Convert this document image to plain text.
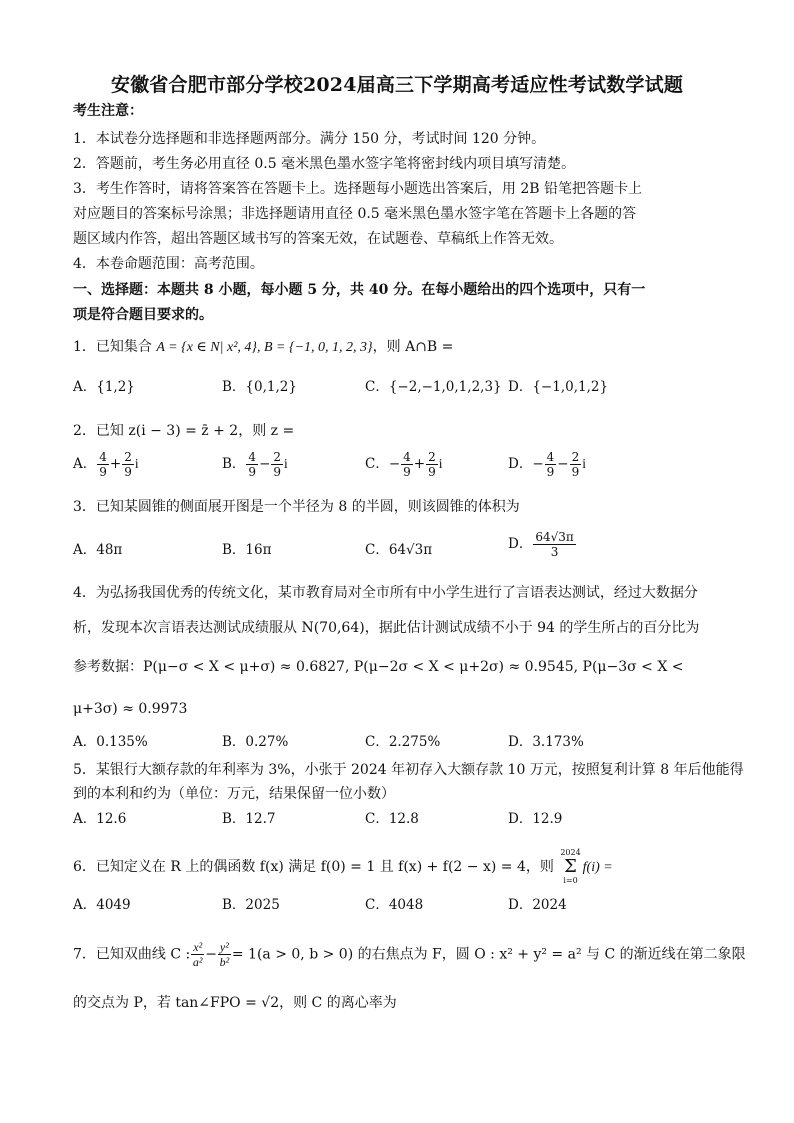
安徽省合肥市部分学校2024届高三下学期高考适应性考试数学试题
考生注意：
1．本试卷分选择题和非选择题两部分。满分 150 分，考试时间 120 分钟。
2．答题前，考生务必用直径 0.5 毫米黑色墨水签字笔将密封线内项目填写清楚。
3．考生作答时，请将答案答在答题卡上。选择题每小题选出答案后，用 2B 铅笔把答题卡上
对应题目的答案标号涂黑；非选择题请用直径 0.5 毫米黑色墨水签字笔在答题卡上各题的答
题区域内作答，超出答题区域书写的答案无效，在试题卷、草稿纸上作答无效。
4．本卷命题范围：高考范围。
一、选择题：本题共 8 小题，每小题 5 分，共 40 分。在每小题给出的四个选项中，只有一
项是符合题目要求的。
1．已知集合 A = {x ∈ N| x², 4}, B = {−1, 0, 1, 2, 3}，则 A∩B =
A．{1,2}	B．{0,1,2}	C．{−2,−1,0,1,2,3} D．{−1,0,1,2}
2．已知 z(i − 3) = z̄ + 2，则 z =
A． $\frac{4}{9} + \frac{2}{9}$ i	B． $\frac{4}{9} - \frac{2}{9}$ i	C．− $\frac{4}{9} + \frac{2}{9}$ i	D．− $\frac{4}{9} - \frac{2}{9}$ i
3．已知某圆锥的侧面展开图是一个半径为 8 的半圆，则该圆锥的体积为
A．48π	B．16π	C．64√3π	D． $\frac{64√3\pi}{3}$
4．为弘扬我国优秀的传统文化，某市教育局对全市所有中小学生进行了言语表达测试，经过大数据分
析，发现本次言语表达测试成绩服从 N(70,64)，据此估计测试成绩不小于 94 的学生所占的百分比为
参考数据：P(μ−σ < X < μ+σ) ≈ 0.6827, P(μ−2σ < X < μ+2σ) ≈ 0.9545, P(μ−3σ < X <
μ+3σ) ≈ 0.9973
A．0.135%	B．0.27%	C．2.275%	D．3.173%
5．某银行大额存款的年利率为 3%，小张于 2024 年初存入大额存款 10 万元，按照复利计算 8 年后他能得
到的本利和约为（单位：万元，结果保留一位小数）
A．12.6	B．12.7	C．12.8	D．12.9
6．已知定义在 R 上的偶函数 f(x) 满足 f(0) = 1 且 f(x) + f(2 − x) = 4，则
2024
Σ
i=0
f(i) =
A．4049	B．2025	C．4048	D．2024
7．已知双曲线 C : $\frac{\text{x²}}{\text{a²}} - \frac{\text{y²}}{\text{b²}} = 1(a > 0$, b > 0) 的右焦点为 F，圆 O : x² + y² = a² 与 C 的渐近线在第二象限
的交点为 P，若 tan∠FPO = √2，则 C 的离心率为
